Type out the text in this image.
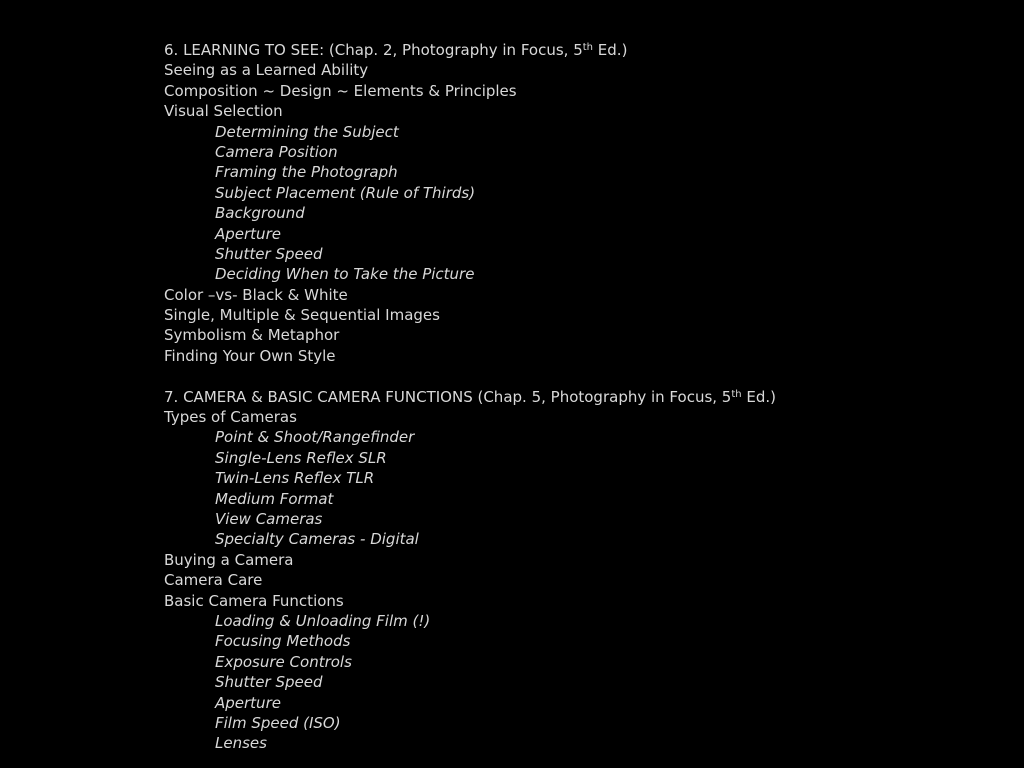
6. LEARNING TO SEE: (Chap. 2, Photography in Focus, 5th Ed.)
Seeing as a Learned Ability
Composition ~ Design ~ Elements & Principles
Visual Selection
Determining the Subject
Camera Position
Framing the Photograph
Subject Placement (Rule of Thirds)
Background
Aperture
Shutter Speed
Deciding When to Take the Picture
Color –vs- Black & White
Single, Multiple & Sequential Images
Symbolism & Metaphor
Finding Your Own Style
7. CAMERA & BASIC CAMERA FUNCTIONS (Chap. 5, Photography in Focus, 5th Ed.)
Types of Cameras
Point & Shoot/Rangefinder
Single-Lens Reflex SLR
Twin-Lens Reflex TLR
Medium Format
View Cameras
Specialty Cameras - Digital
Buying a Camera
Camera Care
Basic Camera Functions
Loading & Unloading Film (!)
Focusing Methods
Exposure Controls
Shutter Speed
Aperture
Film Speed (ISO)
Lenses
